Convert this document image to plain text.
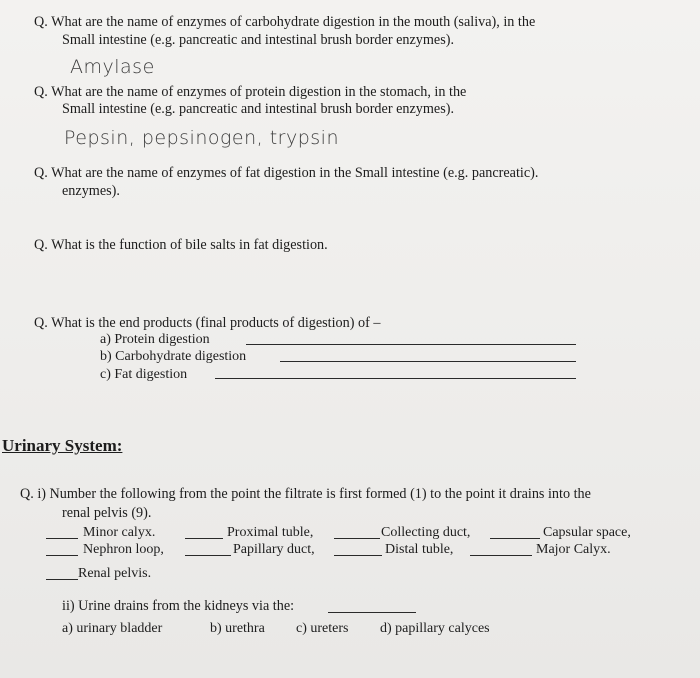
Q. What are the name of enzymes of carbohydrate digestion in the mouth (saliva), in the
Small intestine (e.g. pancreatic and intestinal brush border enzymes).
Amylase
Q. What are the name of enzymes of protein digestion in the stomach, in the
Small intestine (e.g. pancreatic and intestinal brush border enzymes).
Pepsin, pepsinogen, trypsin
Q. What are the name of enzymes of fat digestion in the Small intestine (e.g. pancreatic).
enzymes).
Q. What is the function of bile salts in fat digestion.
Q. What is the end products (final products of digestion) of –
a) Protein digestion
b) Carbohydrate digestion
c) Fat digestion
Urinary System:
Q. i) Number the following from the point the filtrate is first formed (1) to the point it drains into the
renal pelvis (9).
Minor calyx.	Proximal tuble,	Collecting duct,	Capsular space,
Nephron loop,	Papillary duct,	Distal tuble,	Major Calyx.
Renal pelvis.
ii) Urine drains from the kidneys via the:
a) urinary bladder	b) urethra c) ureters d) papillary calyces
